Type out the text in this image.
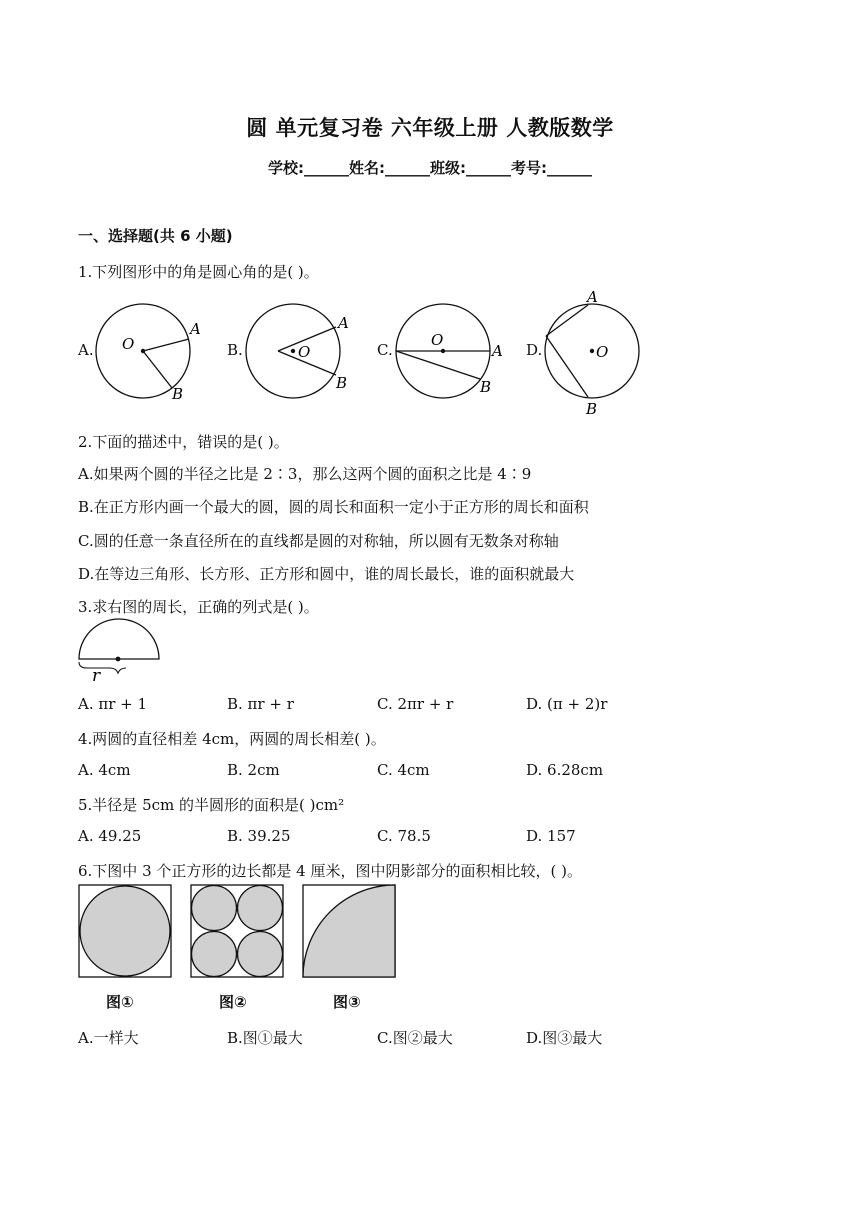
圆 单元复习卷 六年级上册 人教版数学
学校:______姓名:______班级:______考号:______
一、选择题(共 6 小题)
1.下列图形中的角是圆心角的是( )。
A.	B.	C.	D.
O
A
B
O
A
B
O
A
B
O
A
B
2.下面的描述中，错误的是( )。
A.如果两个圆的半径之比是 2∶3，那么这两个圆的面积之比是 4∶9
B.在正方形内画一个最大的圆，圆的周长和面积一定小于正方形的周长和面积
C.圆的任意一条直径所在的直线都是圆的对称轴，所以圆有无数条对称轴
D.在等边三角形、长方形、正方形和圆中，谁的周长最长，谁的面积就最大
3.求右图的周长，正确的列式是( )。
r
A. πr + 1	B. πr + r	C. 2πr + r	D. (π + 2)r
4.两圆的直径相差 4cm，两圆的周长相差( )。
A. 4cm	B. 2cm	C. 4cm	D. 6.28cm
5.半径是 5cm 的半圆形的面积是( )cm²
A. 49.25	B. 39.25	C. 78.5	D. 157
6.下图中 3 个正方形的边长都是 4 厘米，图中阴影部分的面积相比较，( )。
图①	图②	图③
A.一样大	B.图①最大	C.图②最大	D.图③最大
